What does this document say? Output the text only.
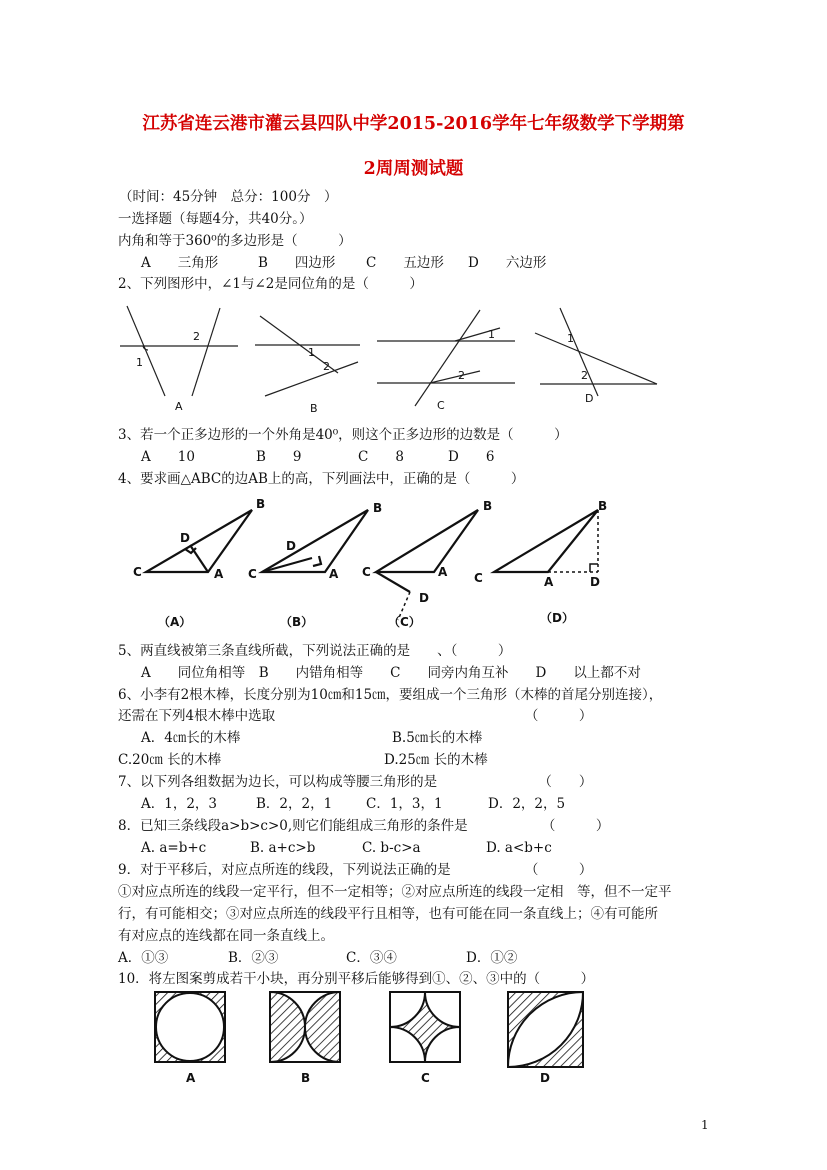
江苏省连云港市灌云县四队中学2015-2016学年七年级数学下学期第
2周周测试题
（时间：45分钟　总分：100分　）
一选择题（每题4分，共40分。）
内角和等于360⁰的多边形是（　　　）
A　　三角形	B　　四边形 C　　五边形 D　　六边形
2、下列图形中，∠1与∠2是同位角的是（　　　）
1
2
A
1
2
B
1
2
C
1
2
D
3、若一个正多边形的一个外角是40⁰，则这个正多边形的边数是（　　　）
A　　10	B　　9	C　　8	D　　6
4、要求画△ABC的边AB上的高，下列画法中，正确的是（　　　）
B
D
C	A
（A）
B
D
C	A
（B）
B
C	A
D
（C）
B
C	A	D
（D）
5、两直线被第三条直线所截，下列说法正确的是　　、（　　　）
A　　同位角相等　B　　内错角相等　　C　　同旁内角互补　　D　　以上都不对
6、小李有2根木棒，长度分别为10㎝和15㎝，要组成一个三角形（木棒的首尾分别连接），
还需在下列4根木棒中选取　　　　　　　　　　　　　　　　　　　（　　　）
A．4㎝长的木棒	B.5㎝长的木棒
C.20㎝ 长的木棒	D.25㎝ 长的木棒
7、以下列各组数据为边长，可以构成等腰三角形的是　　　　　　　　（　　）
A．1，2，3	B．2，2，1	C．1，3，1	D．2，2，5
8．已知三条线段a>b>c>0,则它们能组成三角形的条件是　　　　　　（　　　）
A. a=b+c	B. a+c>b	C. b-c>a	D. a<b+c
9．对于平移后，对应点所连的线段，下列说法正确的是　　　　　　（　　　）
①对应点所连的线段一定平行，但不一定相等；②对应点所连的线段一定相　等，但不一定平
行，有可能相交；③对应点所连的线段平行且相等，也有可能在同一条直线上；④有可能所
有对应点的连线都在同一条直线上。
A．①③	B．②③	C．③④	D．①②
10．将左图案剪成若干小块，再分别平移后能够得到①、②、③中的（　　　）
A	B	C	D
1
